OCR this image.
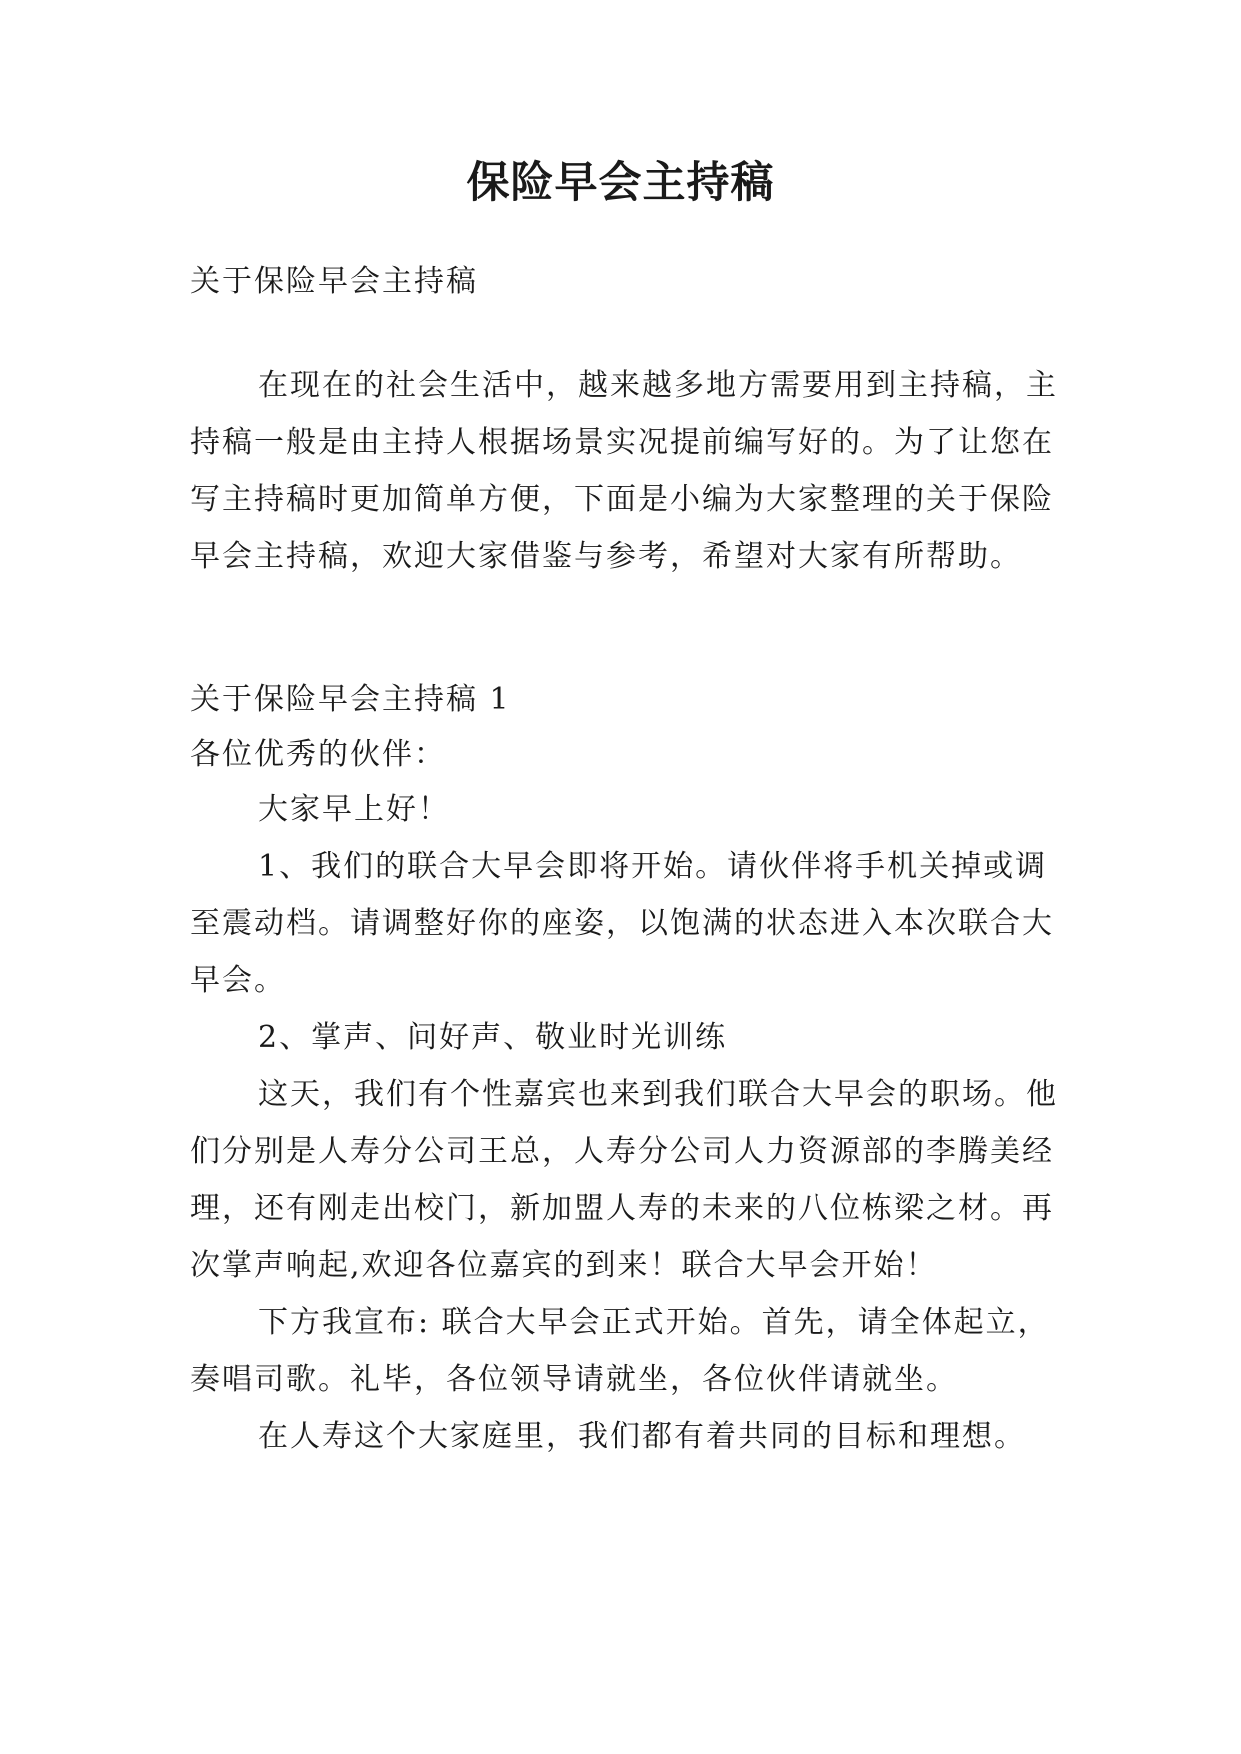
保险早会主持稿

关于保险早会主持稿

在现在的社会生活中，越来越多地方需要用到主持稿，主持稿一般是由主持人根据场景实况提前编写好的。为了让您在写主持稿时更加简单方便，下面是小编为大家整理的关于保险早会主持稿，欢迎大家借鉴与参考，希望对大家有所帮助。

关于保险早会主持稿 1

各位优秀的伙伴：

大家早上好！

1、我们的联合大早会即将开始。请伙伴将手机关掉或调至震动档。请调整好你的座姿，以饱满的状态进入本次联合大早会。

2、掌声、问好声、敬业时光训练

这天，我们有个性嘉宾也来到我们联合大早会的职场。他们分别是人寿分公司王总，人寿分公司人力资源部的李腾美经理，还有刚走出校门，新加盟人寿的未来的八位栋梁之材。再次掌声响起,欢迎各位嘉宾的到来！联合大早会开始！

下方我宣布: 联合大早会正式开始。首先，请全体起立，奏唱司歌。礼毕，各位领导请就坐，各位伙伴请就坐。

在人寿这个大家庭里，我们都有着共同的目标和理想。
